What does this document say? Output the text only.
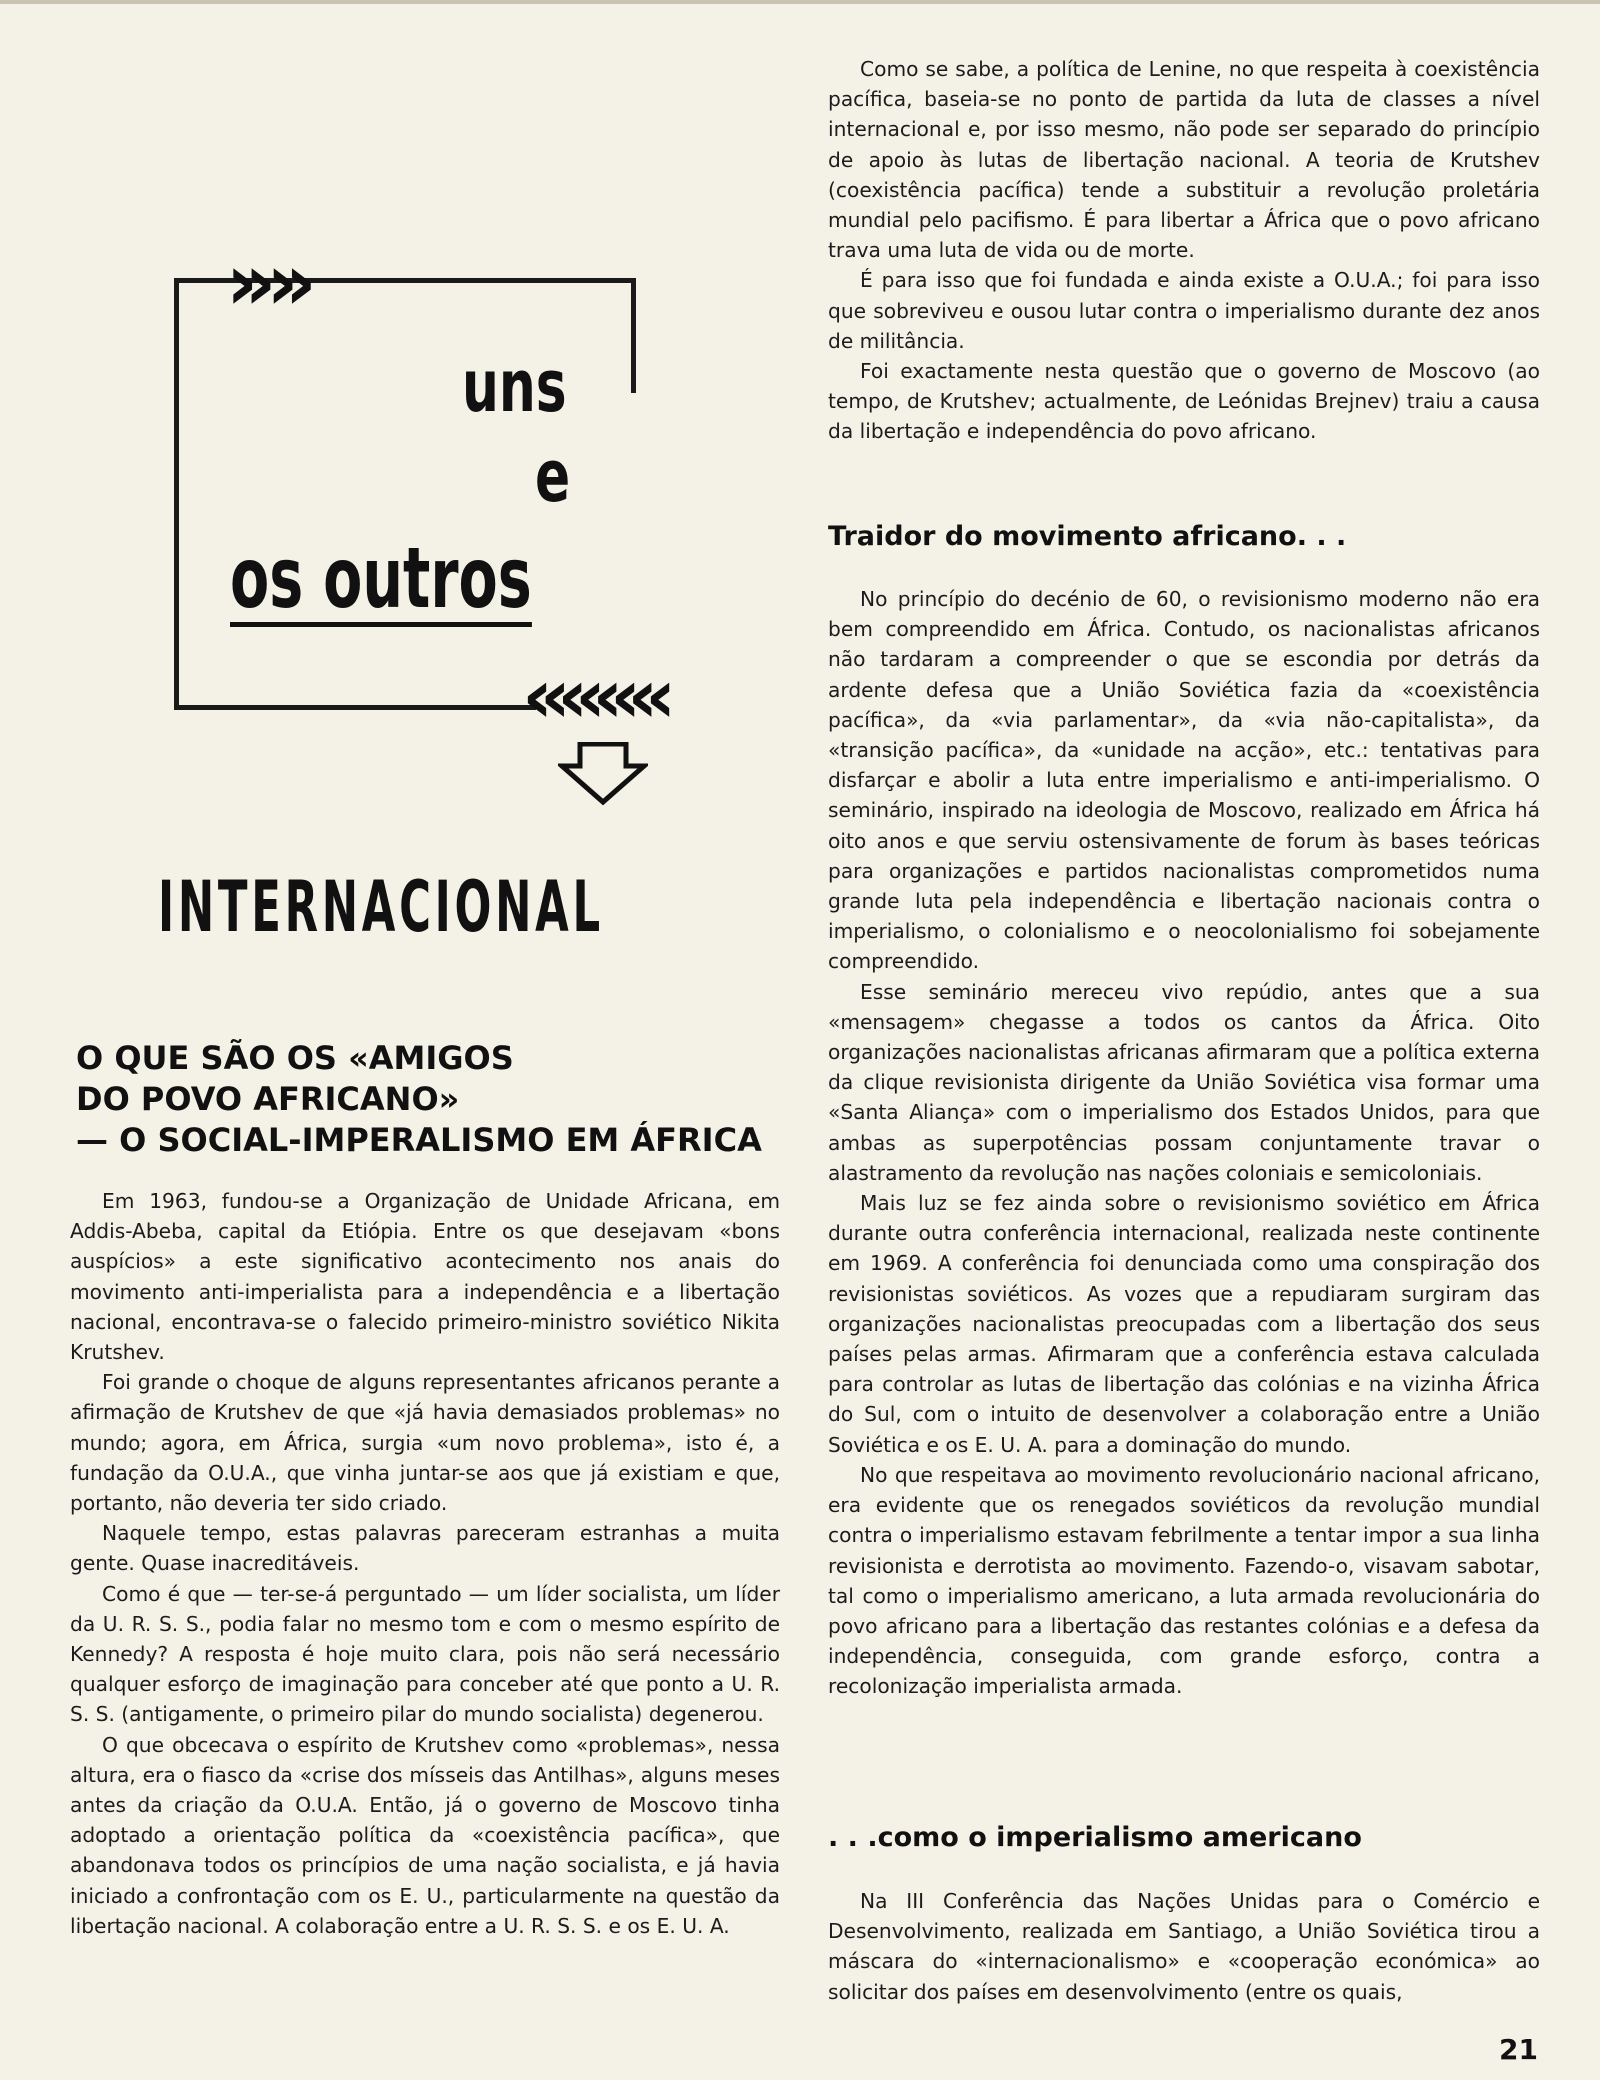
»»
uns
e
os outros
««««
INTERNACIONAL
O QUE SÃO OS «AMIGOS
DO POVO AFRICANO»
— O SOCIAL-IMPERALISMO EM ÁFRICA

Em 1963, fundou-se a Organização de Unidade Africana, em Addis-Abeba, capital da Etiópia. Entre os que desejavam «bons auspícios» a este significativo acontecimento nos anais do movimento anti-imperialista para a independência e a libertação nacional, encontrava-se o falecido primeiro-ministro soviético Nikita Krutshev.

Foi grande o choque de alguns representantes africanos perante a afirmação de Krutshev de que «já havia demasiados problemas» no mundo; agora, em África, surgia «um novo problema», isto é, a fundação da O.U.A., que vinha juntar-se aos que já existiam e que, portanto, não deveria ter sido criado.

Naquele tempo, estas palavras pareceram estranhas a muita gente. Quase inacreditáveis.

Como é que — ter-se-á perguntado — um líder socialista, um líder da U. R. S. S., podia falar no mesmo tom e com o mesmo espírito de Kennedy? A resposta é hoje muito clara, pois não será necessário qualquer esforço de imaginação para conceber até que ponto a U. R. S. S. (antigamente, o primeiro pilar do mundo socialista) degenerou.

O que obcecava o espírito de Krutshev como «problemas», nessa altura, era o fiasco da «crise dos mísseis das Antilhas», alguns meses antes da criação da O.U.A. Então, já o governo de Moscovo tinha adoptado a orientação política da «coexistência pacífica», que abandonava todos os princípios de uma nação socialista, e já havia iniciado a confrontação com os E. U., particularmente na questão da libertação nacional. A colaboração entre a U. R. S. S. e os E. U. A.

Como se sabe, a política de Lenine, no que respeita à coexistência pacífica, baseia-se no ponto de partida da luta de classes a nível internacional e, por isso mesmo, não pode ser separado do princípio de apoio às lutas de libertação nacional. A teoria de Krutshev (coexistência pacífica) tende a substituir a revolução proletária mundial pelo pacifismo. É para libertar a África que o povo africano trava uma luta de vida ou de morte.

É para isso que foi fundada e ainda existe a O.U.A.; foi para isso que sobreviveu e ousou lutar contra o imperialismo durante dez anos de militância.

Foi exactamente nesta questão que o governo de Moscovo (ao tempo, de Krutshev; actualmente, de Leónidas Brejnev) traiu a causa da libertação e independência do povo africano.

Traidor do movimento africano. . .

No princípio do decénio de 60, o revisionismo moderno não era bem compreendido em África. Contudo, os nacionalistas africanos não tardaram a compreender o que se escondia por detrás da ardente defesa que a União Soviética fazia da «coexistência pacífica», da «via parlamentar», da «via não-capitalista», da «transição pacífica», da «unidade na acção», etc.: tentativas para disfarçar e abolir a luta entre imperialismo e anti-imperialismo. O seminário, inspirado na ideologia de Moscovo, realizado em África há oito anos e que serviu ostensivamente de forum às bases teóricas para organizações e partidos nacionalistas comprometidos numa grande luta pela independência e libertação nacionais contra o imperialismo, o colonialismo e o neocolonialismo foi sobejamente compreendido.

Esse seminário mereceu vivo repúdio, antes que a sua «mensagem» chegasse a todos os cantos da África. Oito organizações nacionalistas africanas afirmaram que a política externa da clique revisionista dirigente da União Soviética visa formar uma «Santa Aliança» com o imperialismo dos Estados Unidos, para que ambas as superpotências possam conjuntamente travar o alastramento da revolução nas nações coloniais e semicoloniais.

Mais luz se fez ainda sobre o revisionismo soviético em África durante outra conferência internacional, realizada neste continente em 1969. A conferência foi denunciada como uma conspiração dos revisionistas soviéticos. As vozes que a repudiaram surgiram das organizações nacionalistas preocupadas com a libertação dos seus países pelas armas. Afirmaram que a conferência estava calculada para controlar as lutas de libertação das colónias e na vizinha África do Sul, com o intuito de desenvolver a colaboração entre a União Soviética e os E. U. A. para a dominação do mundo.

No que respeitava ao movimento revolucionário nacional africano, era evidente que os renegados soviéticos da revolução mundial contra o imperialismo estavam febrilmente a tentar impor a sua linha revisionista e derrotista ao movimento. Fazendo-o, visavam sabotar, tal como o imperialismo americano, a luta armada revolucionária do povo africano para a libertação das restantes colónias e a defesa da independência, conseguida, com grande esforço, contra a recolonização imperialista armada.

. . .como o imperialismo americano

Na III Conferência das Nações Unidas para o Comércio e Desenvolvimento, realizada em Santiago, a União Soviética tirou a máscara do «internacionalismo» e «cooperação económica» ao solicitar dos países em desenvolvimento (entre os quais,

21
